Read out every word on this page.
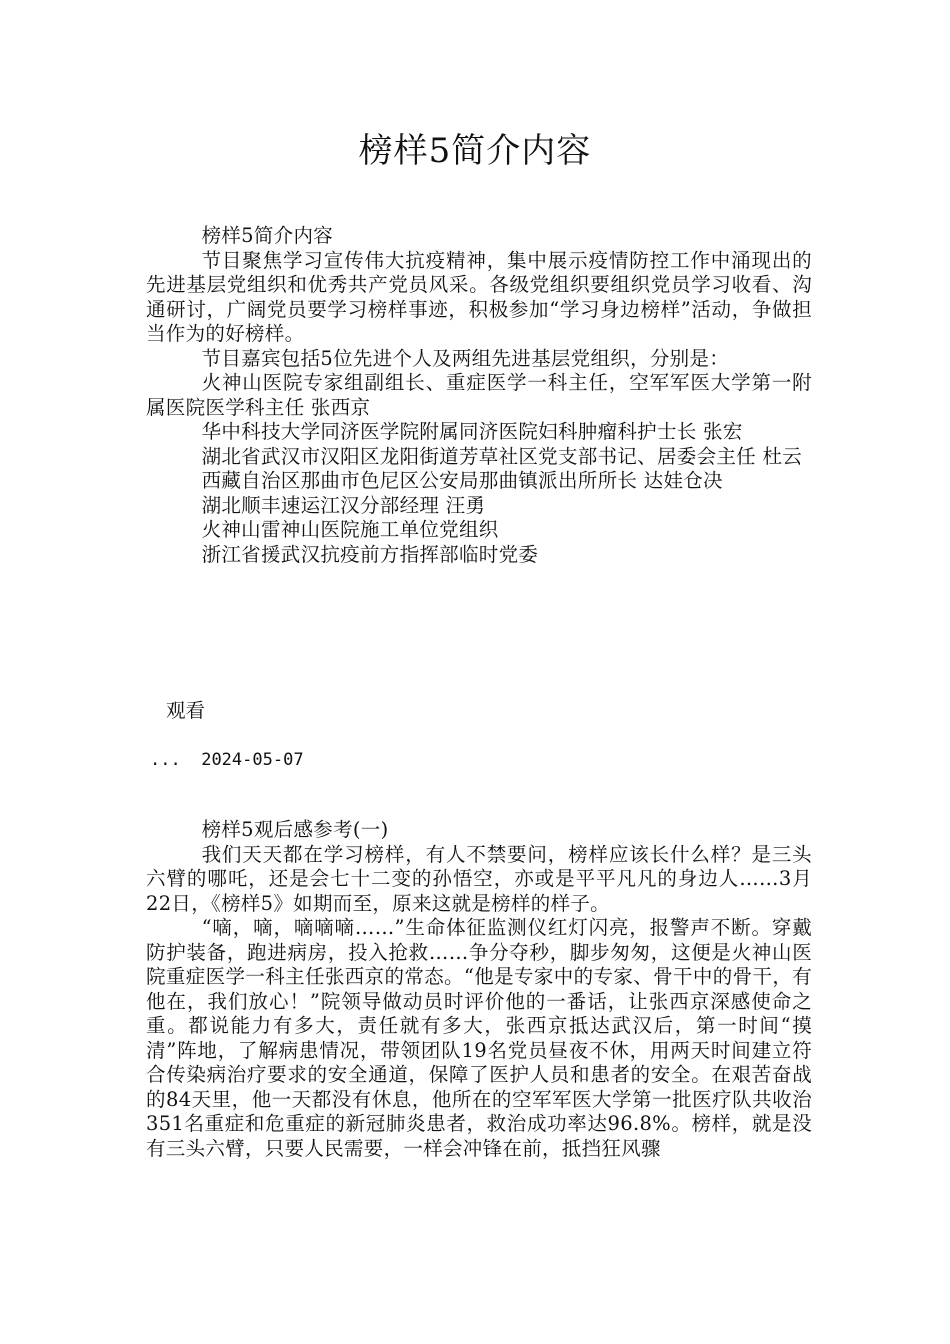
榜样5简介内容

榜样5简介内容

节目聚焦学习宣传伟大抗疫精神，集中展示疫情防控工作中涌现出的先进基层党组织和优秀共产党员风采。各级党组织要组织党员学习收看、沟通研讨，广阔党员要学习榜样事迹，积极参加“学习身边榜样”活动，争做担当作为的好榜样。

节目嘉宾包括5位先进个人及两组先进基层党组织，分别是：

火神山医院专家组副组长、重症医学一科主任，空军军医大学第一附属医院医学科主任 张西京

华中科技大学同济医学院附属同济医院妇科肿瘤科护士长 张宏

湖北省武汉市汉阳区龙阳街道芳草社区党支部书记、居委会主任 杜云

西藏自治区那曲市色尼区公安局那曲镇派出所所长 达娃仓决

湖北顺丰速运江汉分部经理 汪勇

火神山雷神山医院施工单位党组织

浙江省援武汉抗疫前方指挥部临时党委

观看
... 2024-05-07

榜样5观后感参考(一)

我们天天都在学习榜样，有人不禁要问，榜样应该长什么样？是三头六臂的哪吒，还是会七十二变的孙悟空，亦或是平平凡凡的身边人……3月22日，《榜样5》如期而至，原来这就是榜样的样子。

“嘀，嘀，嘀嘀嘀……”生命体征监测仪红灯闪亮，报警声不断。穿戴防护装备，跑进病房，投入抢救……争分夺秒，脚步匆匆，这便是火神山医院重症医学一科主任张西京的常态。“他是专家中的专家、骨干中的骨干，有他在，我们放心！”院领导做动员时评价他的一番话，让张西京深感使命之重。都说能力有多大，责任就有多大，张西京抵达武汉后，第一时间“摸清”阵地，了解病患情况，带领团队19名党员昼夜不休，用两天时间建立符合传染病治疗要求的安全通道，保障了医护人员和患者的安全。在艰苦奋战的84天里，他一天都没有休息，他所在的空军军医大学第一批医疗队共收治351名重症和危重症的新冠肺炎患者，救治成功率达96.8%。榜样，就是没有三头六臂，只要人民需要，一样会冲锋在前，抵挡狂风骤
